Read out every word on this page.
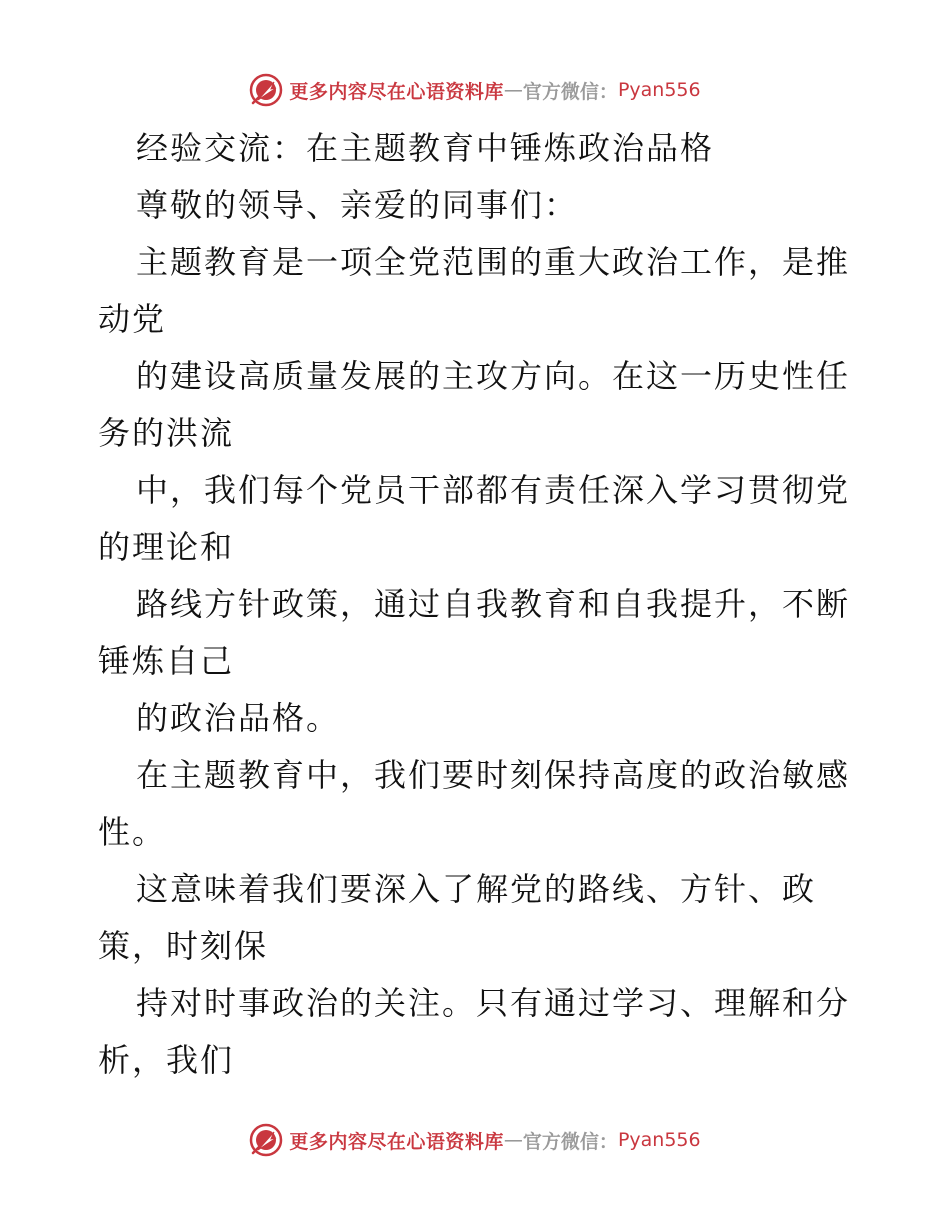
更多内容尽在心语资料库 — 官方微信： Pyan556
经验交流：在主题教育中锤炼政治品格
尊敬的领导、亲爱的同事们：
主题教育是一项全党范围的重大政治工作，是推
动党
的建设高质量发展的主攻方向。在这一历史性任
务的洪流
中，我们每个党员干部都有责任深入学习贯彻党
的理论和
路线方针政策，通过自我教育和自我提升，不断
锤炼自己
的政治品格。
在主题教育中，我们要时刻保持高度的政治敏感
性。
这意味着我们要深入了解党的路线、方针、政
策，时刻保
持对时事政治的关注。只有通过学习、理解和分
析，我们
更多内容尽在心语资料库 — 官方微信： Pyan556
